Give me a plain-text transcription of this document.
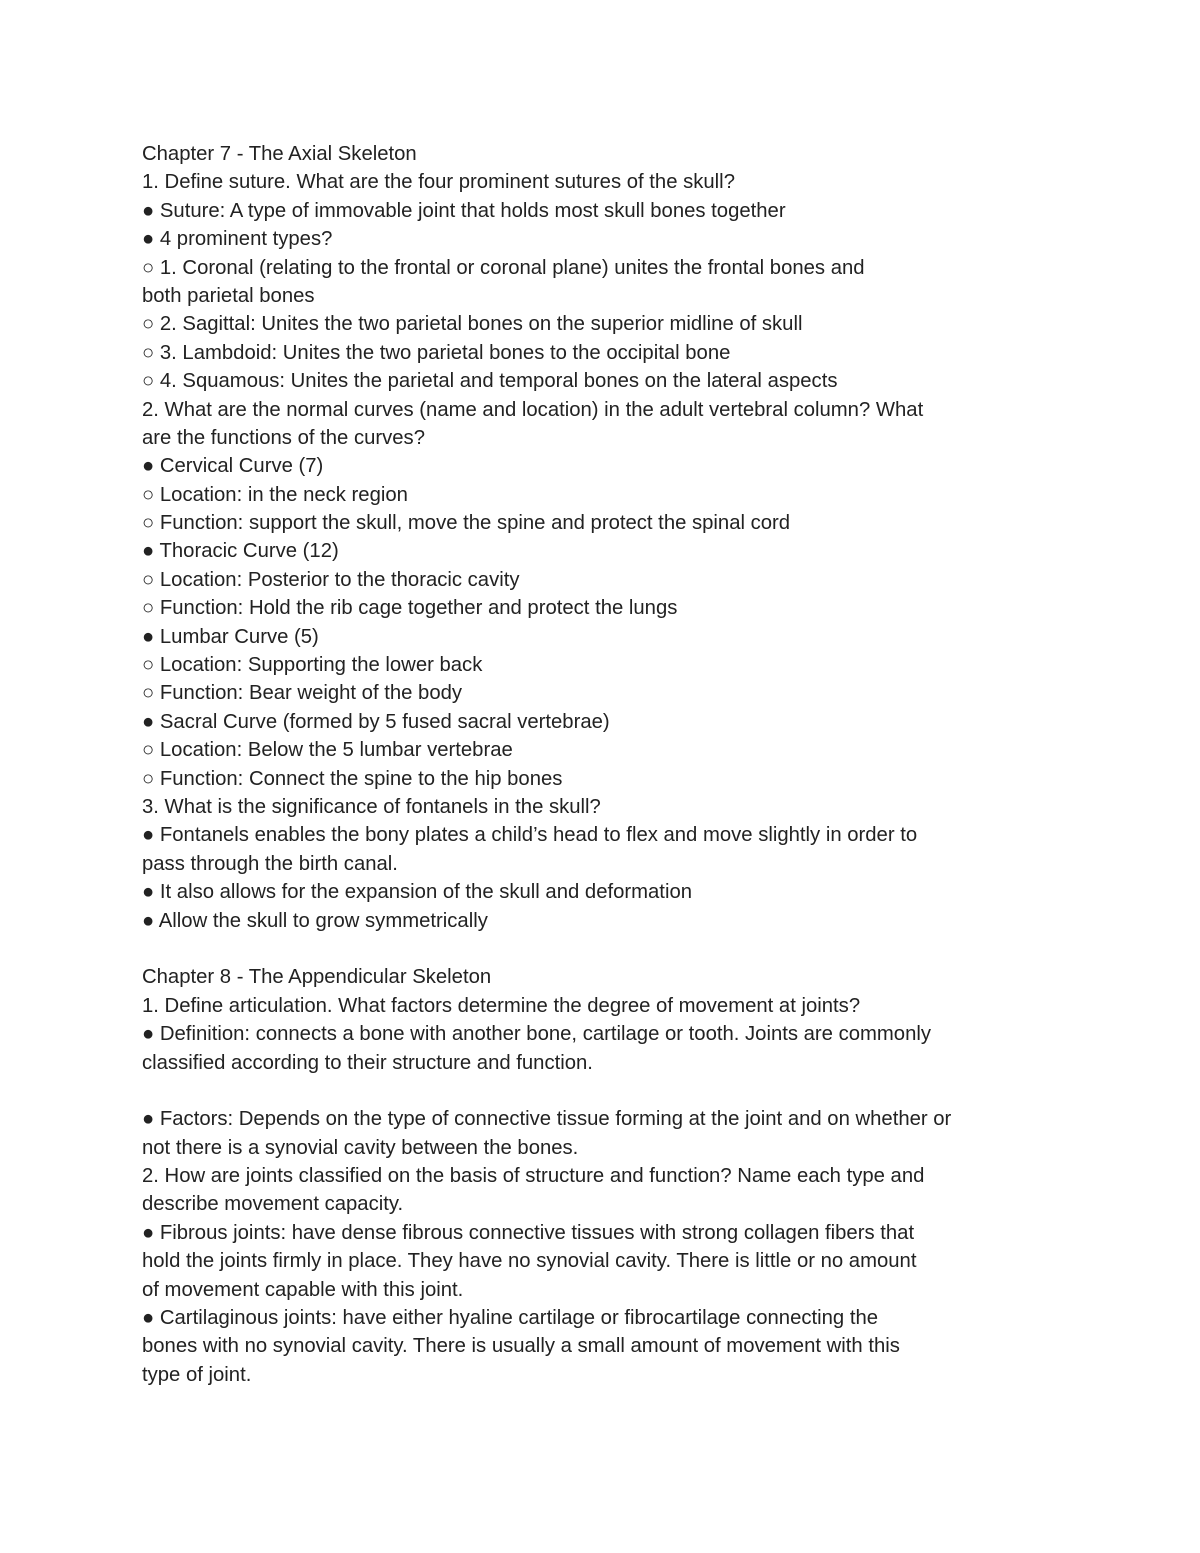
Chapter 7 - The Axial Skeleton
1. Define suture. What are the four prominent sutures of the skull?
● Suture: A type of immovable joint that holds most skull bones together
● 4 prominent types?
○ 1. Coronal (relating to the frontal or coronal plane) unites the frontal bones and
both parietal bones
○ 2. Sagittal: Unites the two parietal bones on the superior midline of skull
○ 3. Lambdoid: Unites the two parietal bones to the occipital bone
○ 4. Squamous: Unites the parietal and temporal bones on the lateral aspects
2. What are the normal curves (name and location) in the adult vertebral column? What
are the functions of the curves?
● Cervical Curve (7)
○ Location: in the neck region
○ Function: support the skull, move the spine and protect the spinal cord
● Thoracic Curve (12)
○ Location: Posterior to the thoracic cavity
○ Function: Hold the rib cage together and protect the lungs
● Lumbar Curve (5)
○ Location: Supporting the lower back
○ Function: Bear weight of the body
● Sacral Curve (formed by 5 fused sacral vertebrae)
○ Location: Below the 5 lumbar vertebrae
○ Function: Connect the spine to the hip bones
3. What is the significance of fontanels in the skull?
● Fontanels enables the bony plates a child’s head to flex and move slightly in order to
pass through the birth canal.
● It also allows for the expansion of the skull and deformation
● Allow the skull to grow symmetrically
Chapter 8 - The Appendicular Skeleton
1. Define articulation. What factors determine the degree of movement at joints?
● Definition: connects a bone with another bone, cartilage or tooth. Joints are commonly
classified according to their structure and function.
● Factors: Depends on the type of connective tissue forming at the joint and on whether or
not there is a synovial cavity between the bones.
2. How are joints classified on the basis of structure and function? Name each type and
describe movement capacity.
● Fibrous joints: have dense fibrous connective tissues with strong collagen fibers that
hold the joints firmly in place. They have no synovial cavity. There is little or no amount
of movement capable with this joint.
● Cartilaginous joints: have either hyaline cartilage or fibrocartilage connecting the
bones with no synovial cavity. There is usually a small amount of movement with this
type of joint.
